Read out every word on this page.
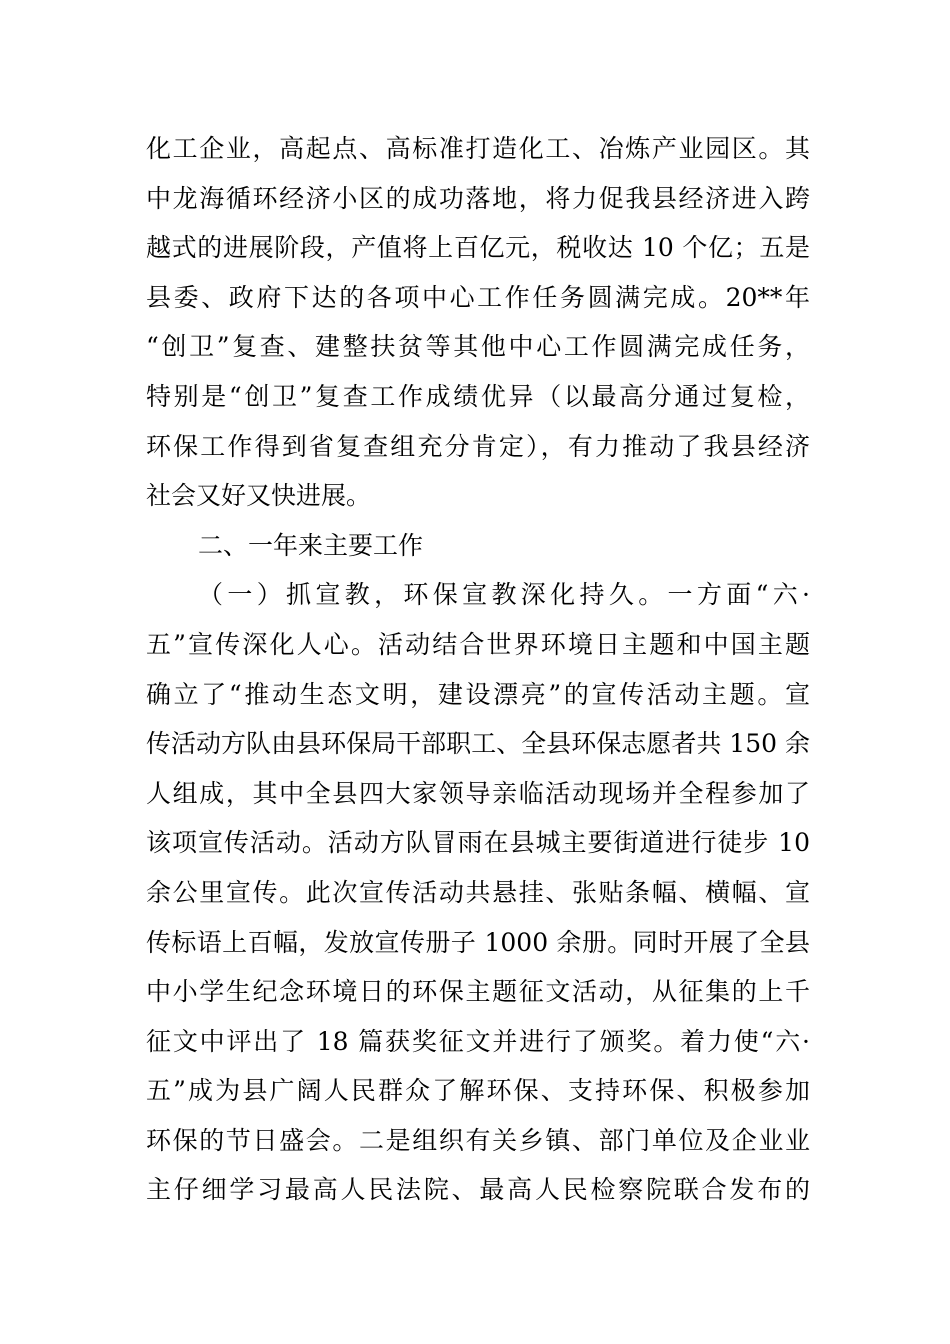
化工企业，高起点、高标准打造化工、冶炼产业园区。其
中龙海循环经济小区的成功落地，将力促我县经济进入跨
越式的进展阶段，产值将上百亿元，税收达 10 个亿；五是
县委、政府下达的各项中心工作任务圆满完成。20**年
“创卫”复查、建整扶贫等其他中心工作圆满完成任务，
特别是“创卫”复查工作成绩优异（以最高分通过复检，
环保工作得到省复查组充分肯定），有力推动了我县经济
社会又好又快进展。
二、一年来主要工作
（一）抓宣教，环保宣教深化持久。一方面“六·
五”宣传深化人心。活动结合世界环境日主题和中国主题
确立了“推动生态文明，建设漂亮”的宣传活动主题。宣
传活动方队由县环保局干部职工、全县环保志愿者共 150 余
人组成，其中全县四大家领导亲临活动现场并全程参加了
该项宣传活动。活动方队冒雨在县城主要街道进行徒步 10
余公里宣传。此次宣传活动共悬挂、张贴条幅、横幅、宣
传标语上百幅，发放宣传册子 1000 余册。同时开展了全县
中小学生纪念环境日的环保主题征文活动，从征集的上千
征文中评出了 18 篇获奖征文并进行了颁奖。着力使“六·
五”成为县广阔人民群众了解环保、支持环保、积极参加
环保的节日盛会。二是组织有关乡镇、部门单位及企业业
主仔细学习最高人民法院、最高人民检察院联合发布的
